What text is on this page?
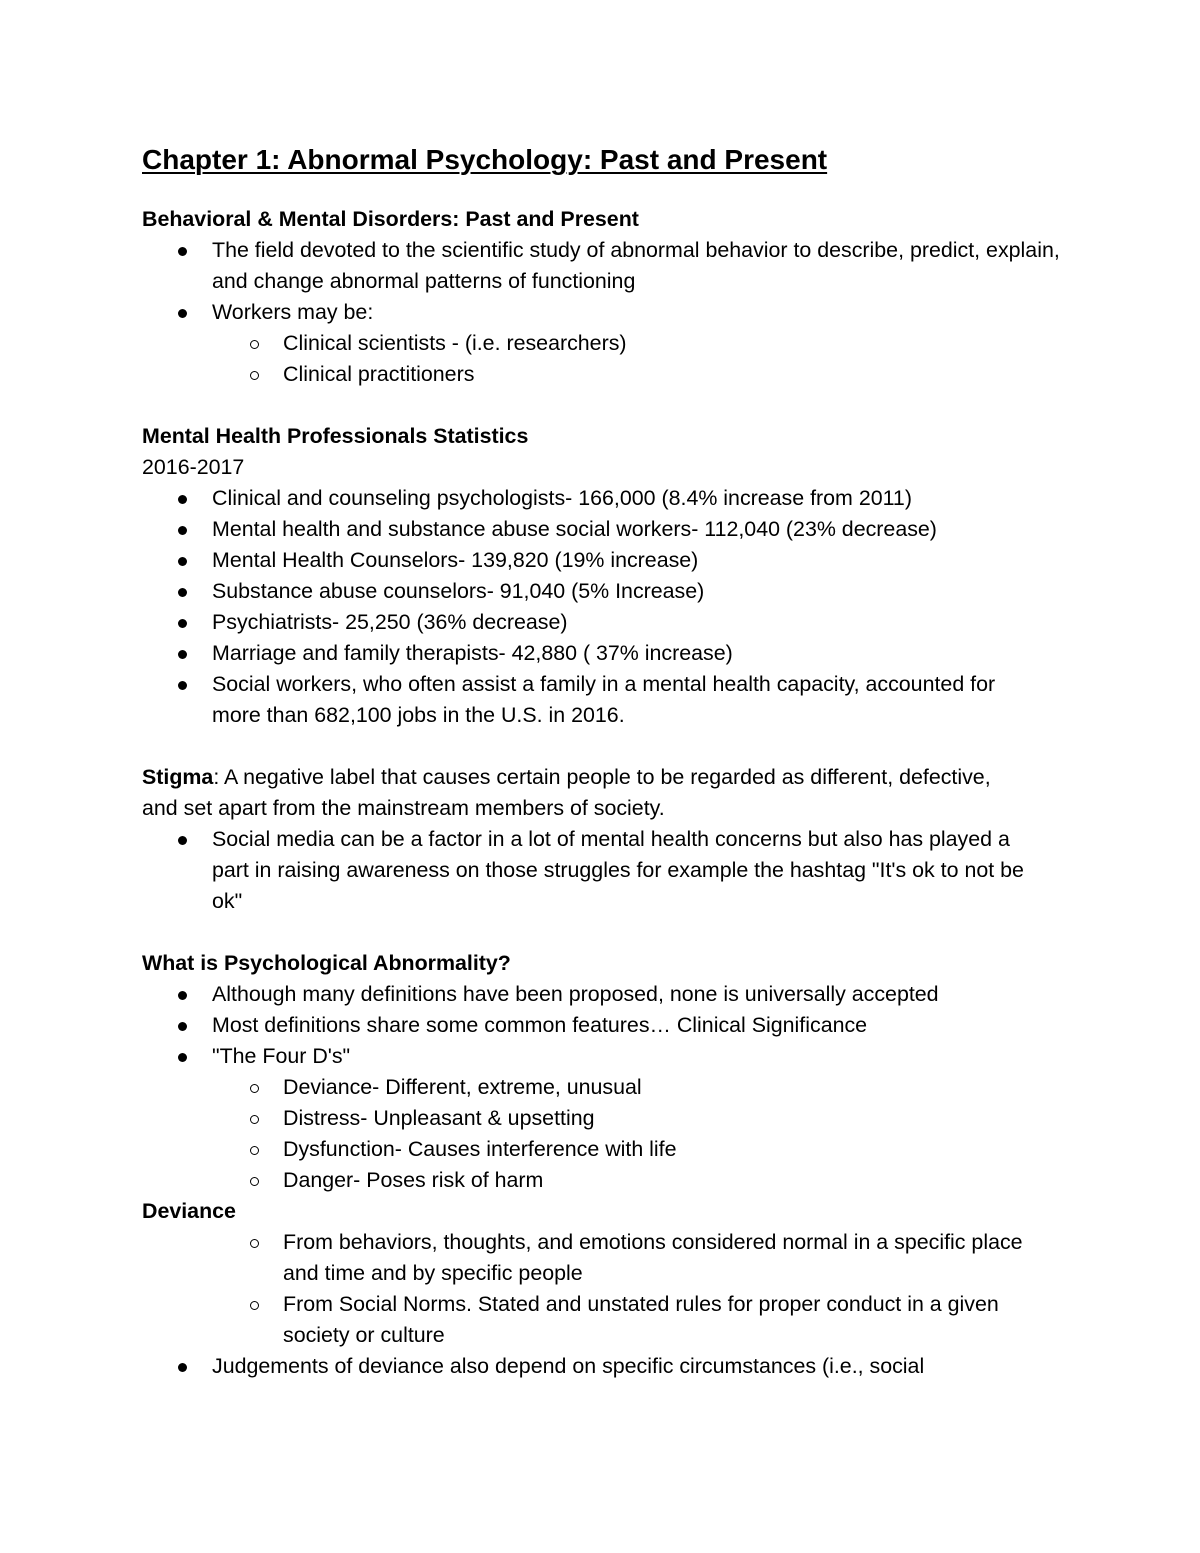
Chapter 1: Abnormal Psychology: Past and Present
Behavioral & Mental Disorders: Past and Present
The field devoted to the scientific study of abnormal behavior to describe, predict, explain, and change abnormal patterns of functioning
Workers may be:
Clinical scientists - (i.e. researchers)
Clinical practitioners
Mental Health Professionals Statistics
2016-2017
Clinical and counseling psychologists- 166,000 (8.4% increase from 2011)
Mental health and substance abuse social workers- 112,040 (23% decrease)
Mental Health Counselors- 139,820 (19% increase)
Substance abuse counselors- 91,040 (5% Increase)
Psychiatrists- 25,250 (36% decrease)
Marriage and family therapists- 42,880 ( 37% increase)
Social workers, who often assist a family in a mental health capacity, accounted for more than 682,100 jobs in the U.S. in 2016.
Stigma: A negative label that causes certain people to be regarded as different, defective, and set apart from the mainstream members of society.
Social media can be a factor in a lot of mental health concerns but also has played a part in raising awareness on those struggles for example the hashtag "It's ok to not be ok"
What is Psychological Abnormality?
Although many definitions have been proposed, none is universally accepted
Most definitions share some common features… Clinical Significance
"The Four D's"
Deviance- Different, extreme, unusual
Distress- Unpleasant & upsetting
Dysfunction- Causes interference with life
Danger- Poses risk of harm
Deviance
From behaviors, thoughts, and emotions considered normal in a specific place and time and by specific people
From Social Norms. Stated and unstated rules for proper conduct in a given society or culture
Judgements of deviance also depend on specific circumstances (i.e., social
